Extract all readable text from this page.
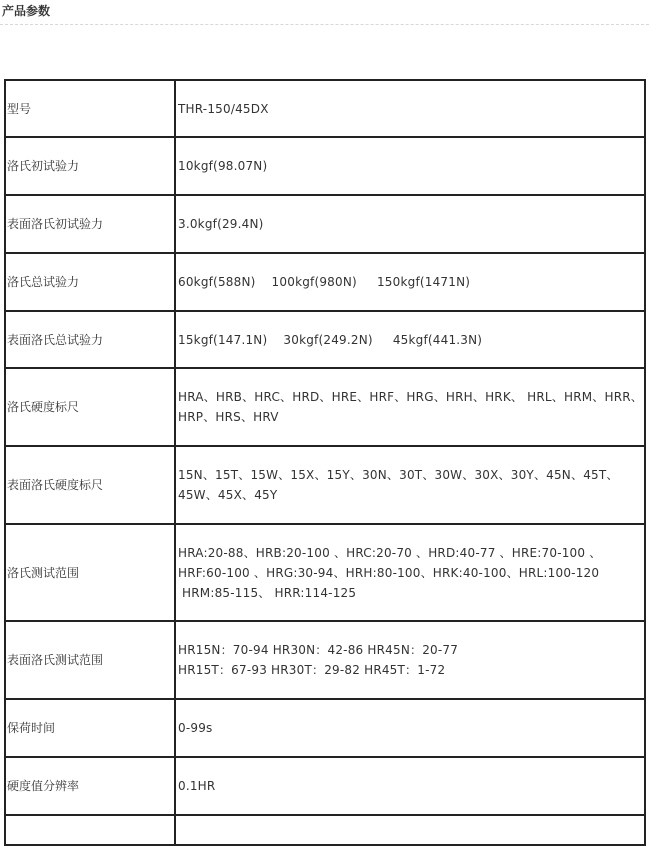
产品参数
型号	THR-150/45DX

洛氏初试验力	10kgf(98.07N)

表面洛氏初试验力	3.0kgf(29.4N)

洛氏总试验力	60kgf(588N)    100kgf(980N)     150kgf(1471N)

表面洛氏总试验力	15kgf(147.1N)    30kgf(249.2N)     45kgf(441.3N)

洛氏硬度标尺	HRA、HRB、HRC、HRD、HRE、HRF、HRG、HRH、HRK、 HRL、HRM、HRR、
HRP、HRS、HRV

表面洛氏硬度标尺	15N、15T、15W、15X、15Y、30N、30T、30W、30X、30Y、45N、45T、
45W、45X、45Y

洛氏测试范围	HRA:20-88、HRB:20-100 、HRC:20-70 、HRD:40-77 、HRE:70-100 、
HRF:60-100 、HRG:30-94、HRH:80-100、HRK:40-100、HRL:100-120
HRM:85-115、 HRR:114-125

表面洛氏测试范围	HR15N：70-94 HR30N：42-86 HR45N：20-77
HR15T：67-93 HR30T：29-82 HR45T：1-72

保荷时间	0-99s

硬度值分辨率	0.1HR
